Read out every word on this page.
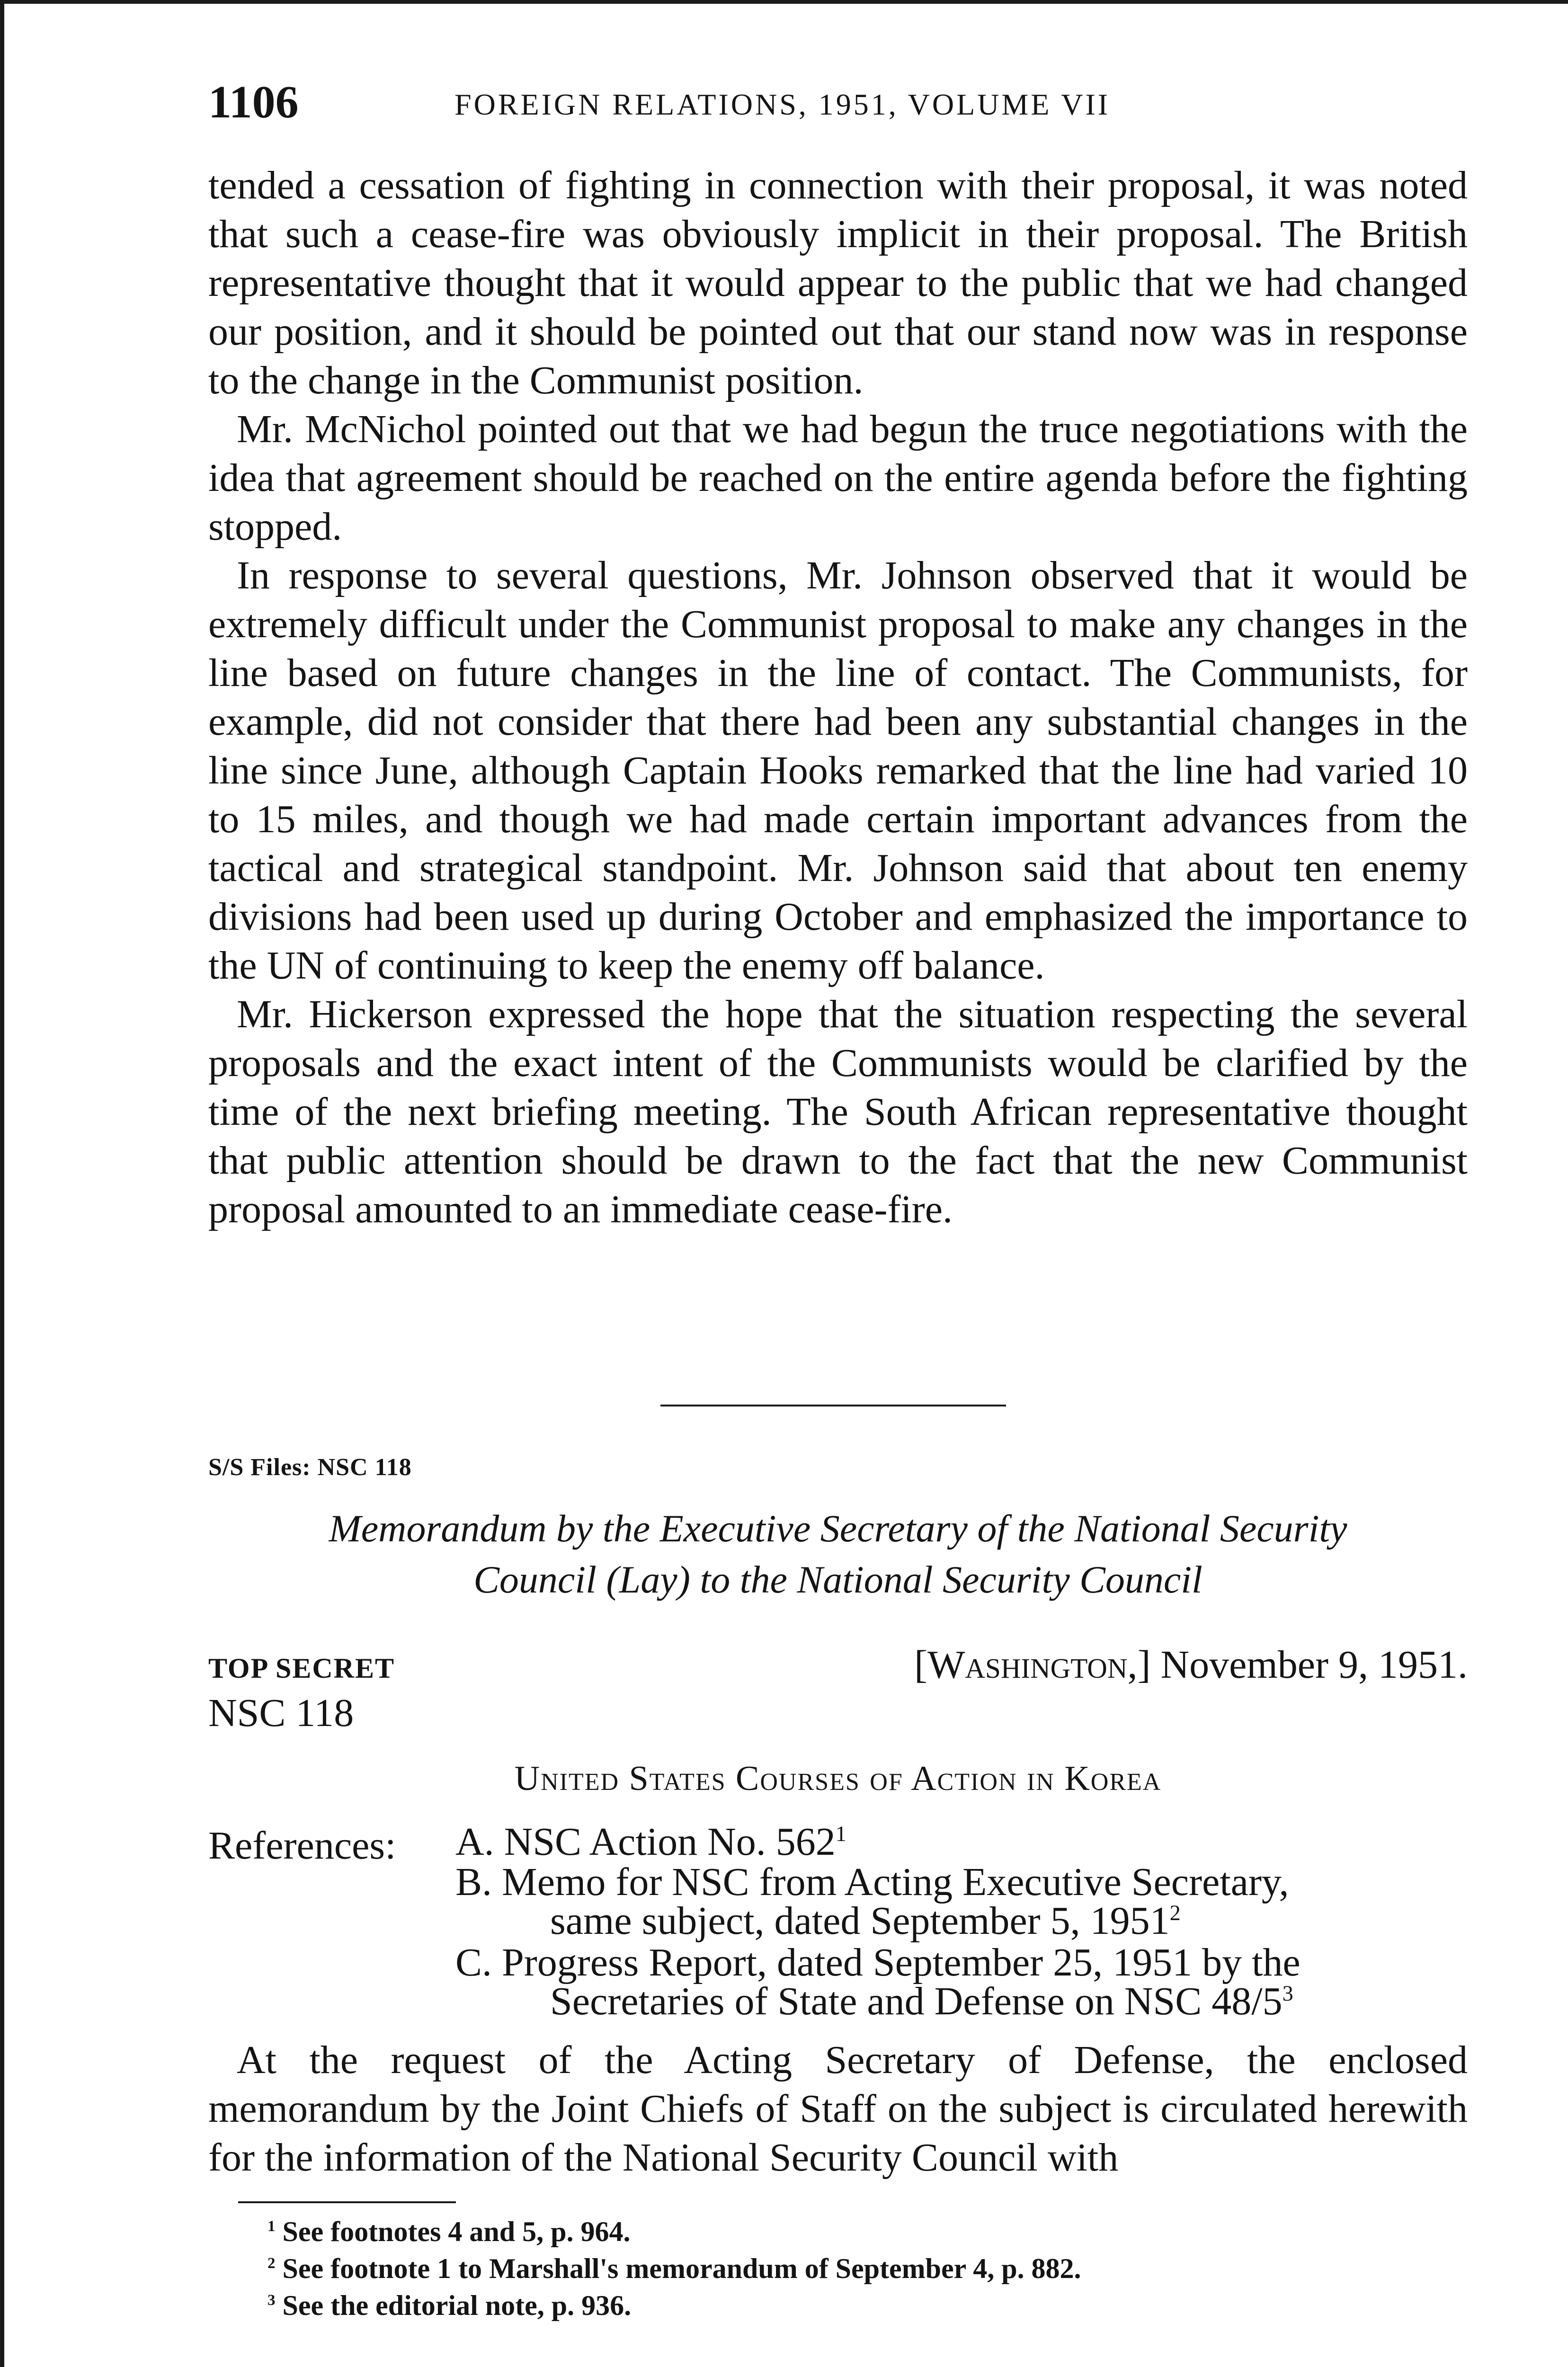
1106	FOREIGN RELATIONS, 1951, VOLUME VII

tended a cessation of fighting in connection with their proposal, it was noted that such a cease-fire was obviously implicit in their proposal. The British representative thought that it would appear to the public that we had changed our position, and it should be pointed out that our stand now was in response to the change in the Communist position.

Mr. McNichol pointed out that we had begun the truce negotiations with the idea that agreement should be reached on the entire agenda before the fighting stopped.

In response to several questions, Mr. Johnson observed that it would be extremely difficult under the Communist proposal to make any changes in the line based on future changes in the line of contact. The Communists, for example, did not consider that there had been any substantial changes in the line since June, although Captain Hooks remarked that the line had varied 10 to 15 miles, and though we had made certain important advances from the tactical and strategical standpoint. Mr. Johnson said that about ten enemy divisions had been used up during October and emphasized the importance to the UN of continuing to keep the enemy off balance.

Mr. Hickerson expressed the hope that the situation respecting the several proposals and the exact intent of the Communists would be clarified by the time of the next briefing meeting. The South African representative thought that public attention should be drawn to the fact that the new Communist proposal amounted to an immediate cease-fire.

S/S Files: NSC 118
Memorandum by the Executive Secretary of the National Security
Council (Lay) to the National Security Council
TOP SECRET
NSC 118
[Washington,] November 9, 1951.
United States Courses of Action in Korea
References: A. NSC Action No. $562^1$
B. Memo for NSC from Acting Executive Secretary,
same subject, dated September 5, 1951$^2$
C. Progress Report, dated September 25, 1951 by the
Secretaries of State and Defense on NSC $48/5^3$

At the request of the Acting Secretary of Defense, the enclosed memorandum by the Joint Chiefs of Staff on the subject is circulated herewith for the information of the National Security Council with

$^1$ See footnotes 4 and 5, p. 964.
$^2$ See footnote 1 to Marshall's memorandum of September 4, p. 882.
$^3$ See the editorial note, p. 936.
